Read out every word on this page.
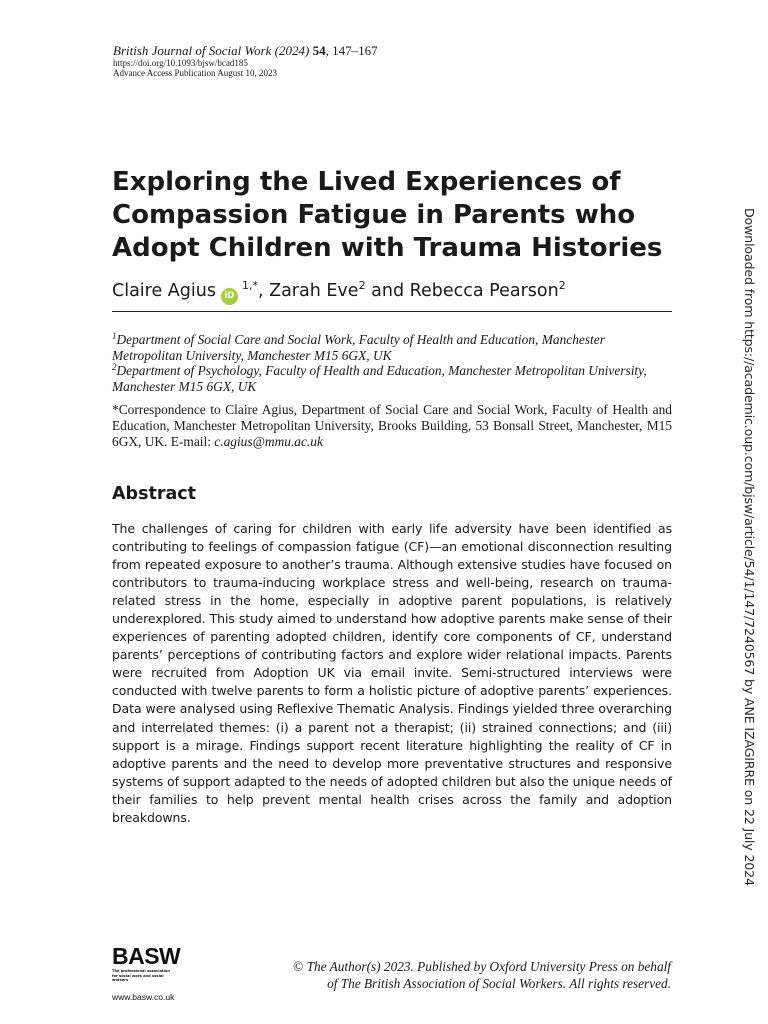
British Journal of Social Work (2024) 54, 147–167
https://doi.org/10.1093/bjsw/bcad185
Advance Access Publication August 10, 2023
Exploring the Lived Experiences of
Compassion Fatigue in Parents who
Adopt Children with Trauma Histories
Claire Agius $iD^{1,*}$, Zarah Eve$^2$ and Rebecca Pearson$^2$
$^1$Department of Social Care and Social Work, Faculty of Health and Education, Manchester Metropolitan University, Manchester M15 6GX, UK
$^2$Department of Psychology, Faculty of Health and Education, Manchester Metropolitan University, Manchester M15 6GX, UK
*Correspondence to Claire Agius, Department of Social Care and Social Work, Faculty of Health and Education, Manchester Metropolitan University, Brooks Building, 53 Bonsall Street, Manchester, M15 6GX, UK. E-mail: c.agius@mmu.ac.uk
Abstract

The challenges of caring for children with early life adversity have been identified as contributing to feelings of compassion fatigue (CF)—an emotional disconnection resulting from repeated exposure to another’s trauma. Although extensive studies have focused on contributors to trauma-inducing workplace stress and well-being, research on trauma-related stress in the home, especially in adoptive parent populations, is relatively underexplored. This study aimed to understand how adoptive parents make sense of their experiences of parenting adopted children, identify core components of CF, understand parents’ perceptions of contributing factors and explore wider relational impacts. Parents were recruited from Adoption UK via email invite. Semi-structured interviews were conducted with twelve parents to form a holistic picture of adoptive parents’ experiences. Data were analysed using Reflexive Thematic Analysis. Findings yielded three overarching and interrelated themes: (i) a parent not a therapist; (ii) strained connections; and (iii) support is a mirage. Findings support recent literature highlighting the reality of CF in adoptive parents and the need to develop more preventative structures and responsive systems of support adapted to the needs of adopted children but also the unique needs of their families to help prevent mental health crises across the family and adoption breakdowns.

BASW
The professional association for social work and social workers
www.basw.co.uk
© The Author(s) 2023. Published by Oxford University Press on behalf
of The British Association of Social Workers. All rights reserved.
Downloaded from https://academic.oup.com/bjsw/article/54/1/147/7240567 by ANE IZAGIRRE on 22 July 2024
